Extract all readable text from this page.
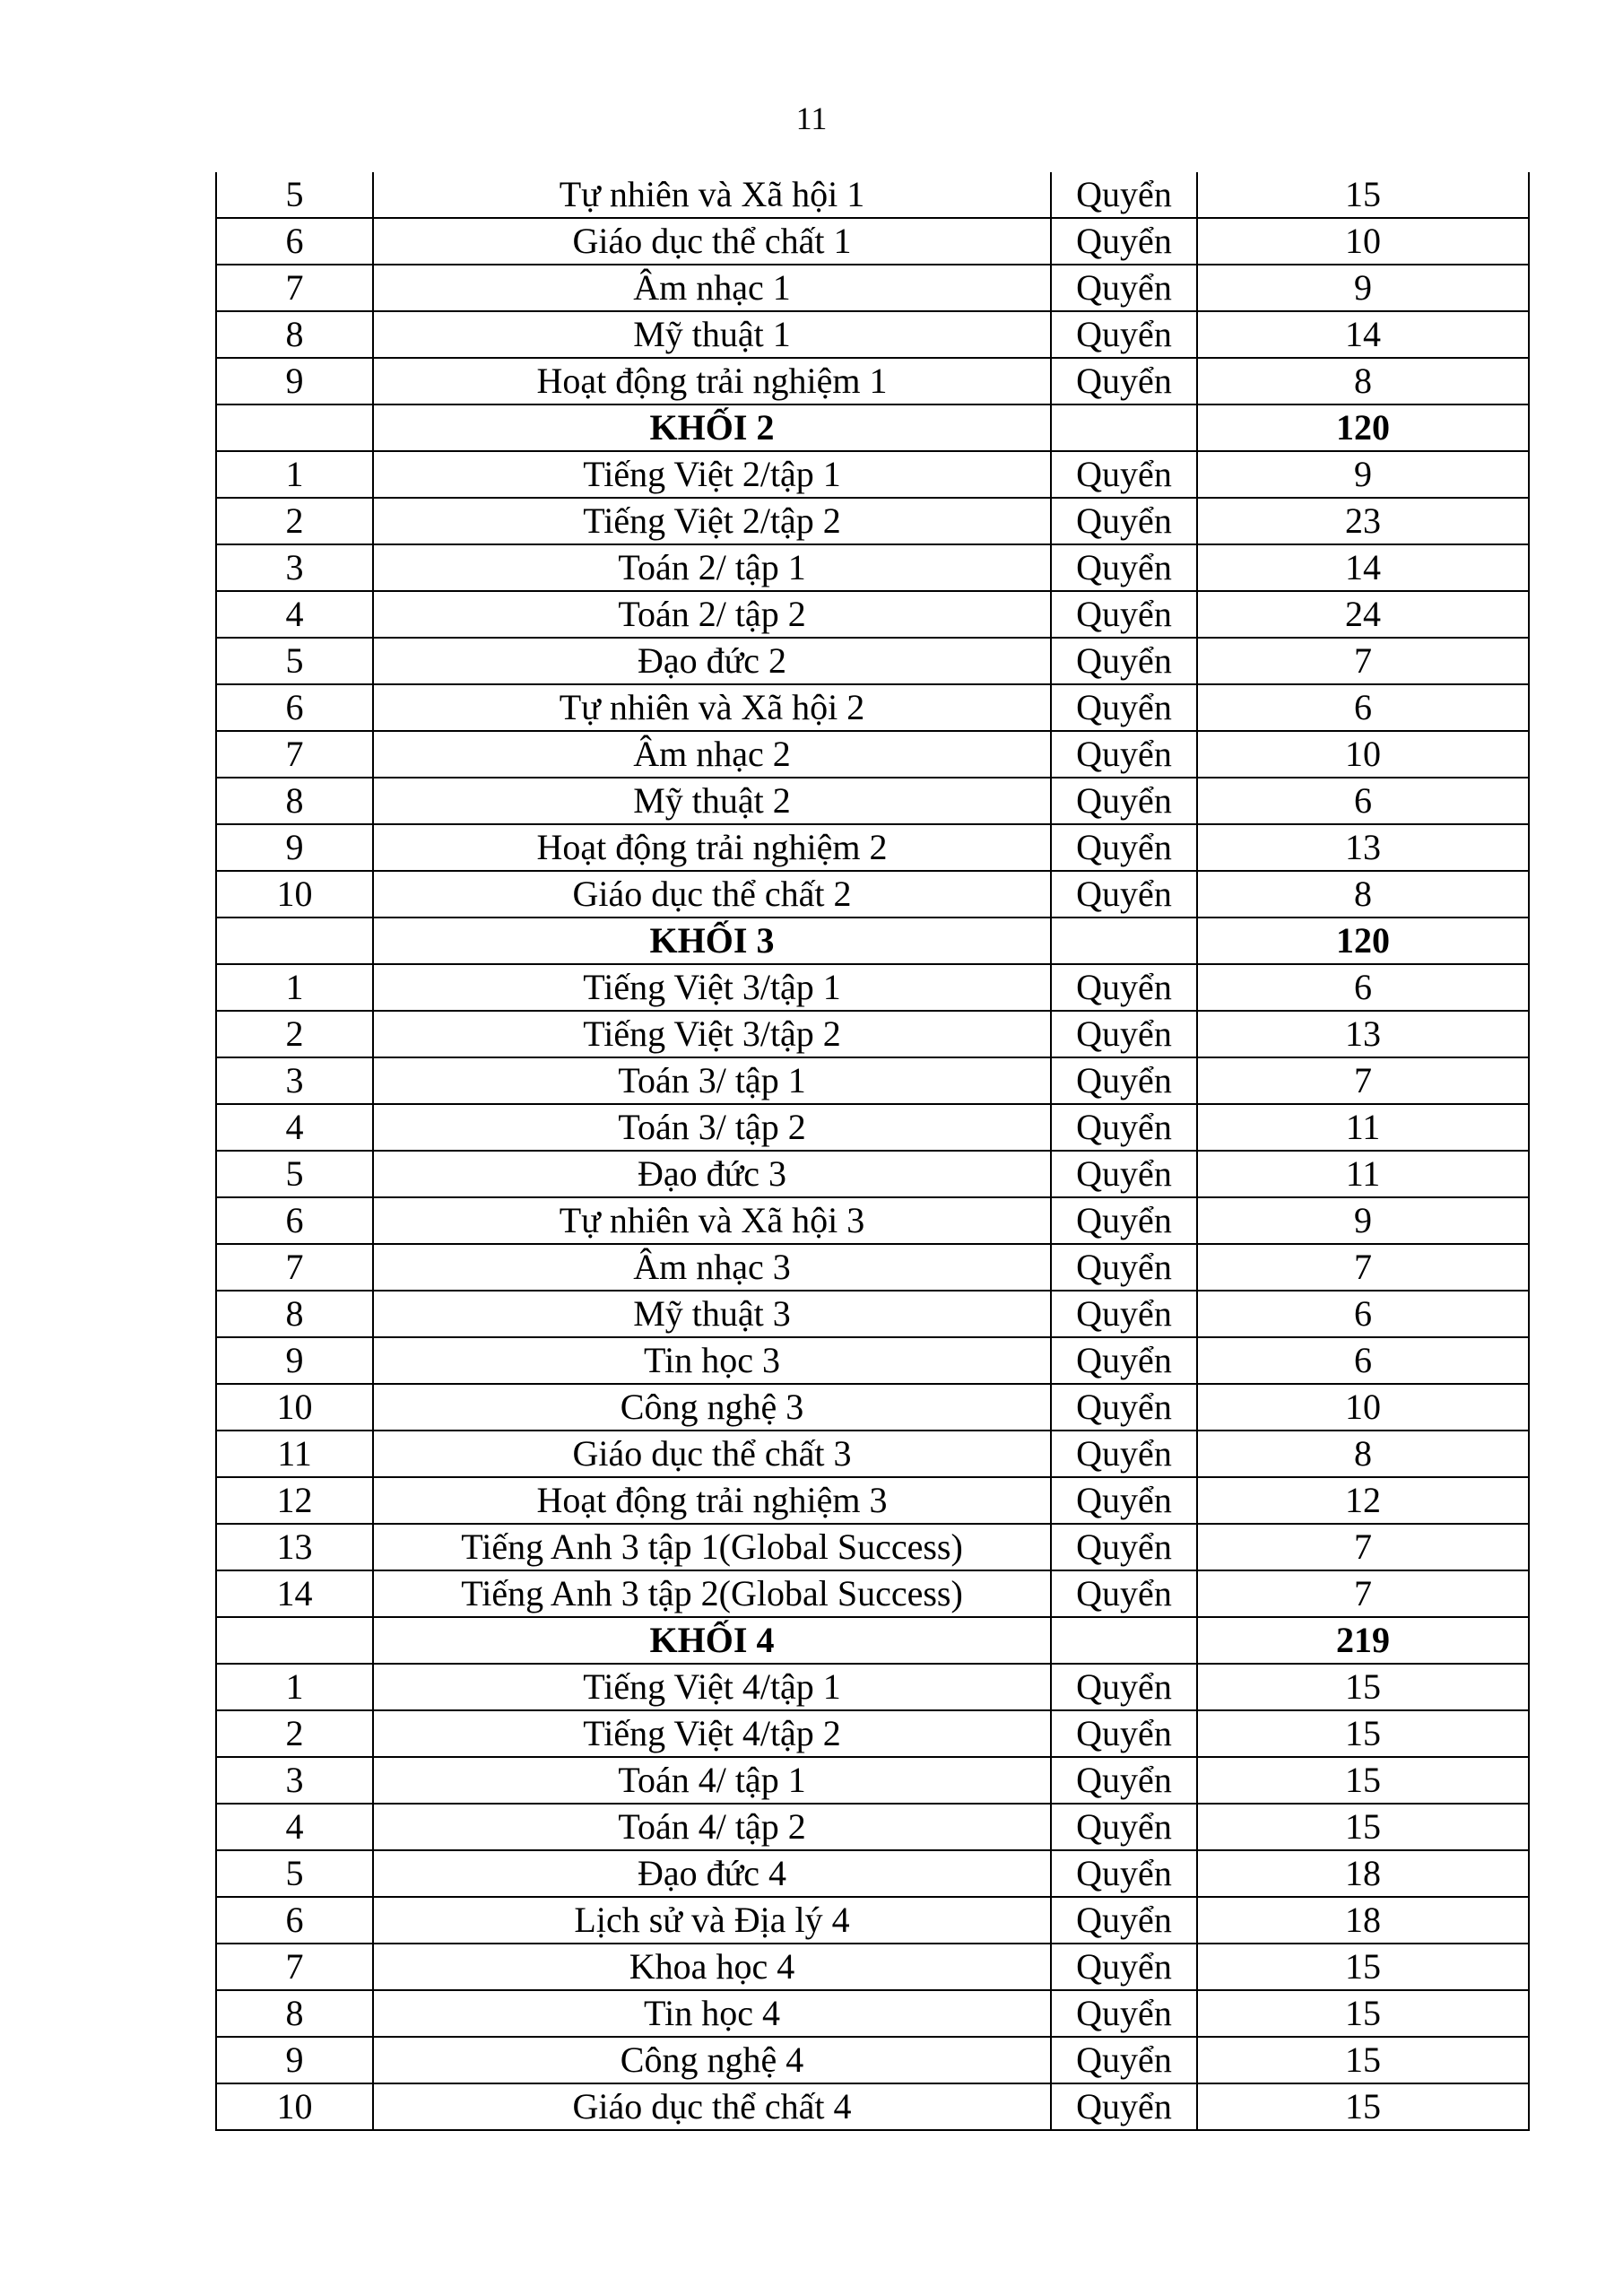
11
5	Tự nhiên và Xã hội 1	Quyển	15
6	Giáo dục thể chất 1	Quyển	10
7	Âm nhạc 1	Quyển	9
8	Mỹ thuật 1	Quyển	14
9	Hoạt động trải nghiệm 1	Quyển	8
	KHỐI 2		120
1	Tiếng Việt 2/tập 1	Quyển	9
2	Tiếng Việt 2/tập 2	Quyển	23
3	Toán 2/ tập 1	Quyển	14
4	Toán 2/ tập 2	Quyển	24
5	Đạo đức 2	Quyển	7
6	Tự nhiên và Xã hội 2	Quyển	6
7	Âm nhạc 2	Quyển	10
8	Mỹ thuật 2	Quyển	6
9	Hoạt động trải nghiệm 2	Quyển	13
10	Giáo dục thể chất 2	Quyển	8
	KHỐI 3		120
1	Tiếng Việt 3/tập 1	Quyển	6
2	Tiếng Việt 3/tập 2	Quyển	13
3	Toán 3/ tập 1	Quyển	7
4	Toán 3/ tập 2	Quyển	11
5	Đạo đức 3	Quyển	11
6	Tự nhiên và Xã hội 3	Quyển	9
7	Âm nhạc 3	Quyển	7
8	Mỹ thuật 3	Quyển	6
9	Tin học 3	Quyển	6
10	Công nghệ 3	Quyển	10
11	Giáo dục thể chất 3	Quyển	8
12	Hoạt động trải nghiệm 3	Quyển	12
13	Tiếng Anh 3 tập 1(Global Success)	Quyển	7
14	Tiếng Anh 3 tập 2(Global Success)	Quyển	7
	KHỐI 4		219
1	Tiếng Việt 4/tập 1	Quyển	15
2	Tiếng Việt 4/tập 2	Quyển	15
3	Toán 4/ tập 1	Quyển	15
4	Toán 4/ tập 2	Quyển	15
5	Đạo đức 4	Quyển	18
6	Lịch sử và Địa lý 4	Quyển	18
7	Khoa học 4	Quyển	15
8	Tin học 4	Quyển	15
9	Công nghệ 4	Quyển	15
10	Giáo dục thể chất 4	Quyển	15
